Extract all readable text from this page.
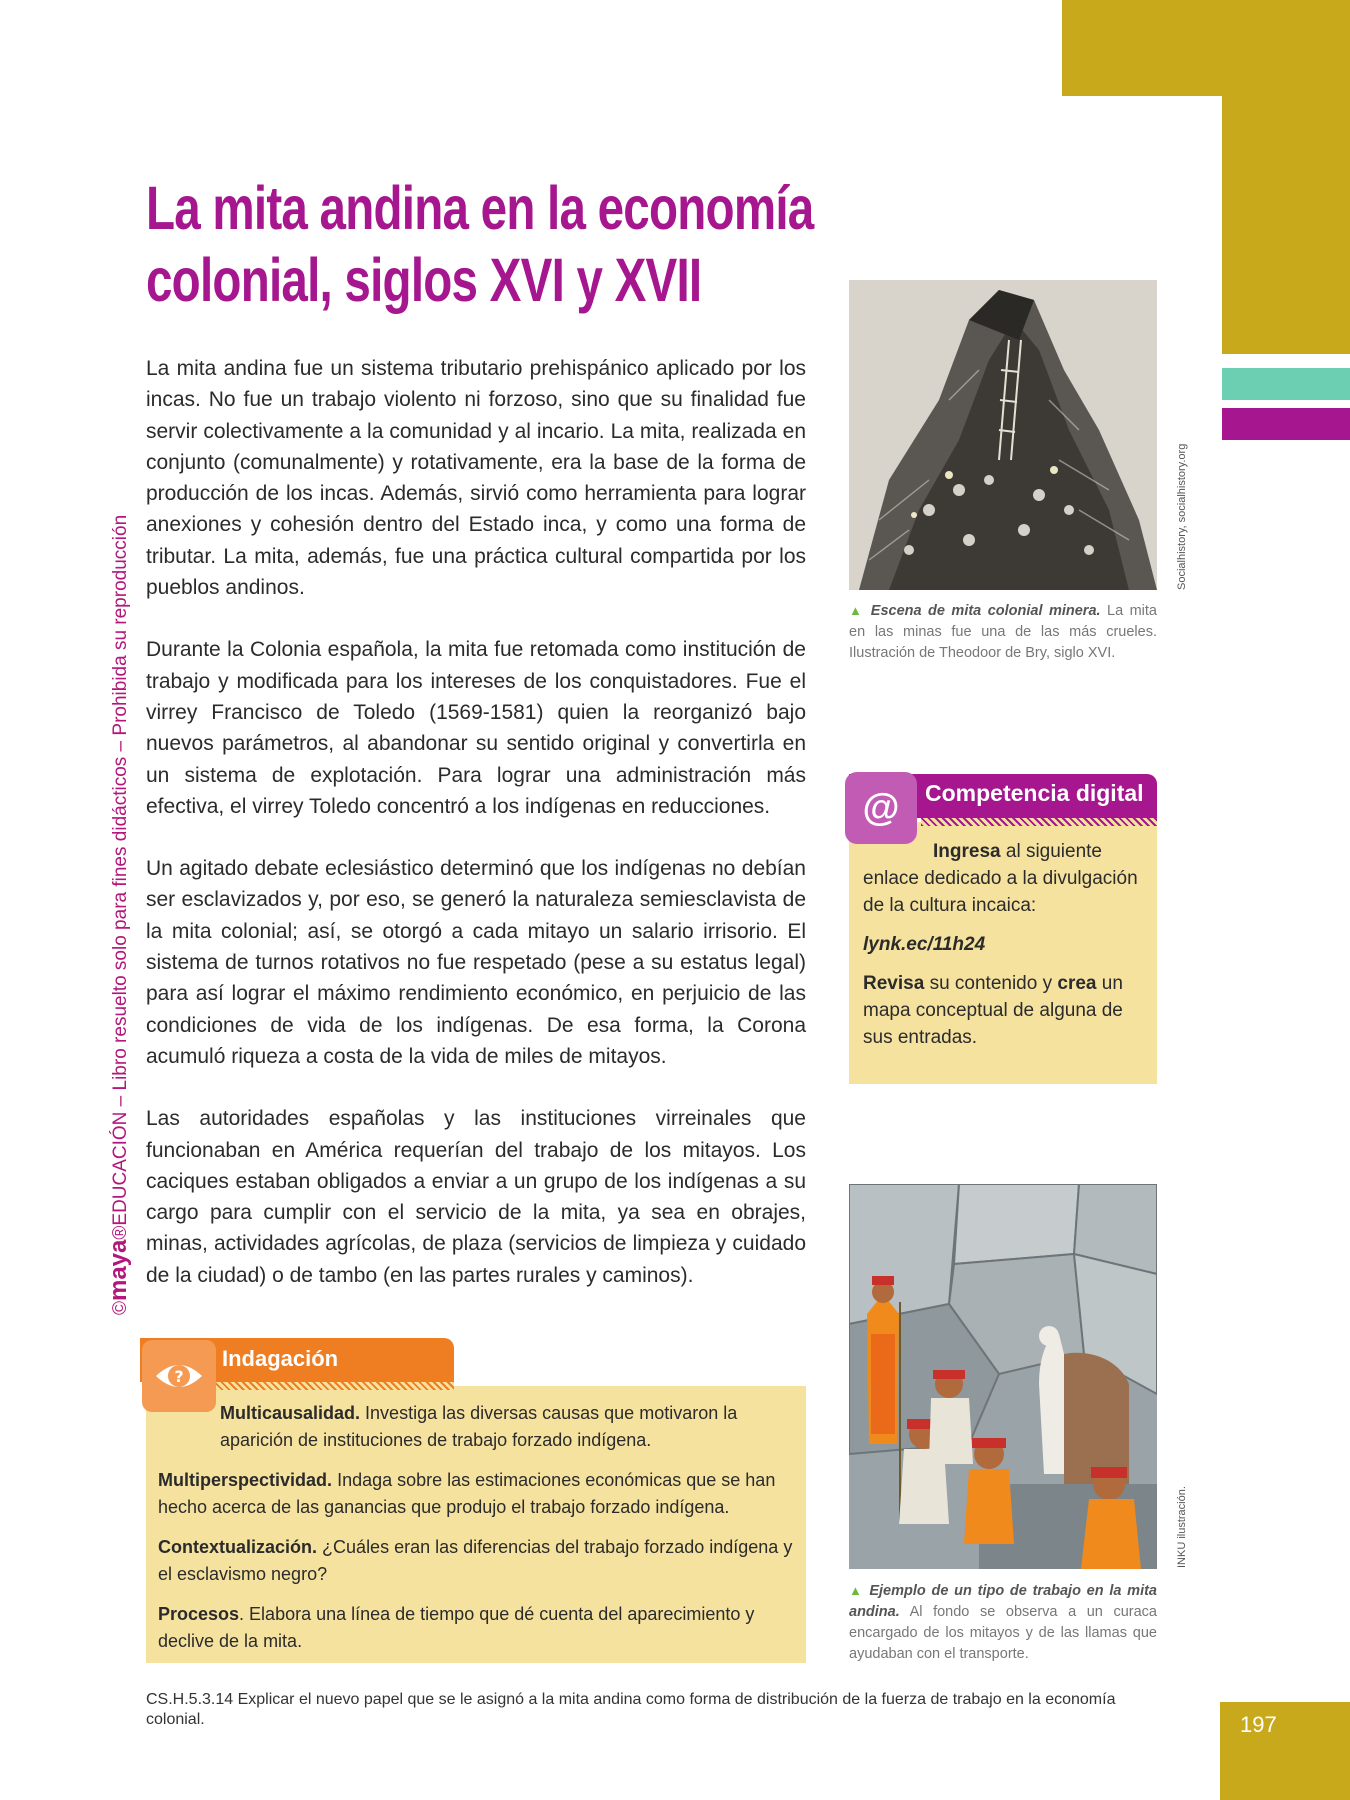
©maya®EDUCACIÓN – Libro resuelto solo para fines didácticos – Prohibida su reproducción
La mita andina en la economía
colonial, siglos XVI y XVII

La mita andina fue un sistema tributario prehispánico aplicado por los incas. No fue un trabajo violento ni forzoso, sino que su finalidad fue servir colectivamente a la comunidad y al incario. La mita, realizada en conjunto (comunalmente) y rotativamente, era la base de la forma de producción de los incas. Además, sirvió como herramienta para lograr anexiones y cohesión dentro del Estado inca, y como una forma de tributar. La mita, además, fue una práctica cultural compartida por los pueblos andinos.

Durante la Colonia española, la mita fue retomada como institución de trabajo y modificada para los intereses de los conquistadores. Fue el virrey Francisco de Toledo (1569-1581) quien la reorganizó bajo nuevos parámetros, al abandonar su sentido original y convertirla en un sistema de explotación. Para lograr una administración más efectiva, el virrey Toledo concentró a los indígenas en reducciones.

Un agitado debate eclesiástico determinó que los indígenas no debían ser esclavizados y, por eso, se generó la naturaleza semiesclavista de la mita colonial; así, se otorgó a cada mitayo un salario irrisorio. El sistema de turnos rotativos no fue respetado (pese a su estatus legal) para así lograr el máximo rendimiento económico, en perjuicio de las condiciones de vida de los indígenas. De esa forma, la Corona acumuló riqueza a costa de la vida de miles de mitayos.

Las autoridades españolas y las instituciones virreinales que funcionaban en América requerían del trabajo de los mitayos. Los caciques estaban obligados a enviar a un grupo de los indígenas a su cargo para cumplir con el servicio de la mita, ya sea en obrajes, minas, actividades agrícolas, de plaza (servicios de limpieza y cuidado de la ciudad) o de tambo (en las partes rurales y caminos).

Socialhistory, socialhistory.org
▲ Escena de mita colonial minera. La mita en las minas fue una de las más crueles. Ilustración de Theodoor de Bry, siglo XVI.
@	Competencia digital

Ingresa al siguiente enlace dedicado a la divulgación de la cultura incaica:

lynk.ec/11h24

Revisa su contenido y crea un mapa conceptual de alguna de sus entradas.

INKU ilustración.
▲ Ejemplo de un tipo de trabajo en la mita andina. Al fondo se observa a un curaca encargado de los mitayos y de las llamas que ayudaban con el transporte.
?
Indagación

Multicausalidad. Investiga las diversas causas que motivaron la aparición de instituciones de trabajo forzado indígena.

Multiperspectividad. Indaga sobre las estimaciones económicas que se han hecho acerca de las ganancias que produjo el trabajo forzado indígena.

Contextualización. ¿Cuáles eran las diferencias del trabajo forzado indígena y el esclavismo negro?

Procesos. Elabora una línea de tiempo que dé cuenta del aparecimiento y declive de la mita.

CS.H.5.3.14 Explicar el nuevo papel que se le asignó a la mita andina como forma de distribución de la fuerza de trabajo en la economía colonial.	197
